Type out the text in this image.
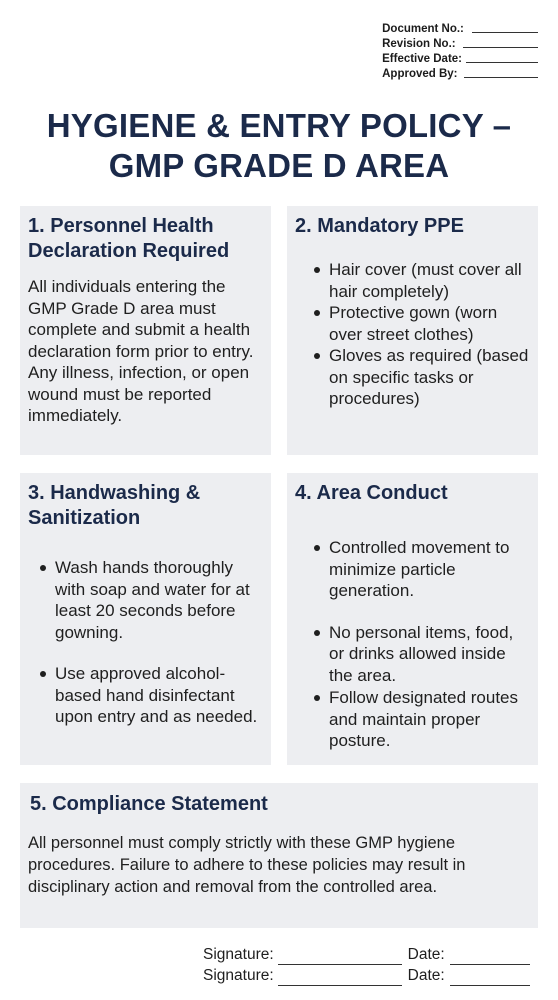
Document No.:
Revision No.:
Effective Date:
Approved By:
HYGIENE & ENTRY POLICY –
GMP GRADE D AREA
1. Personnel Health Declaration Required

All individuals entering the GMP Grade D area must complete and submit a health declaration form prior to entry.

Any illness, infection, or open wound must be reported immediately.

2. Mandatory PPE
Hair cover (must cover all hair completely)
Protective gown (worn over street clothes)
Gloves as required (based on specific tasks or procedures)
3. Handwashing & Sanitization
Wash hands thoroughly with soap and water for at least 20 seconds before gowning.
Use approved alcohol-based hand disinfectant upon entry and as needed.
4. Area Conduct
Controlled movement to minimize particle generation.
No personal items, food, or drinks allowed inside the area.
Follow designated routes and maintain proper posture.
5. Compliance Statement

All personnel must comply strictly with these GMP hygiene procedures. Failure to adhere to these policies may result in disciplinary action and removal from the controlled area.

Signature:	Date:
Signature:	Date:
